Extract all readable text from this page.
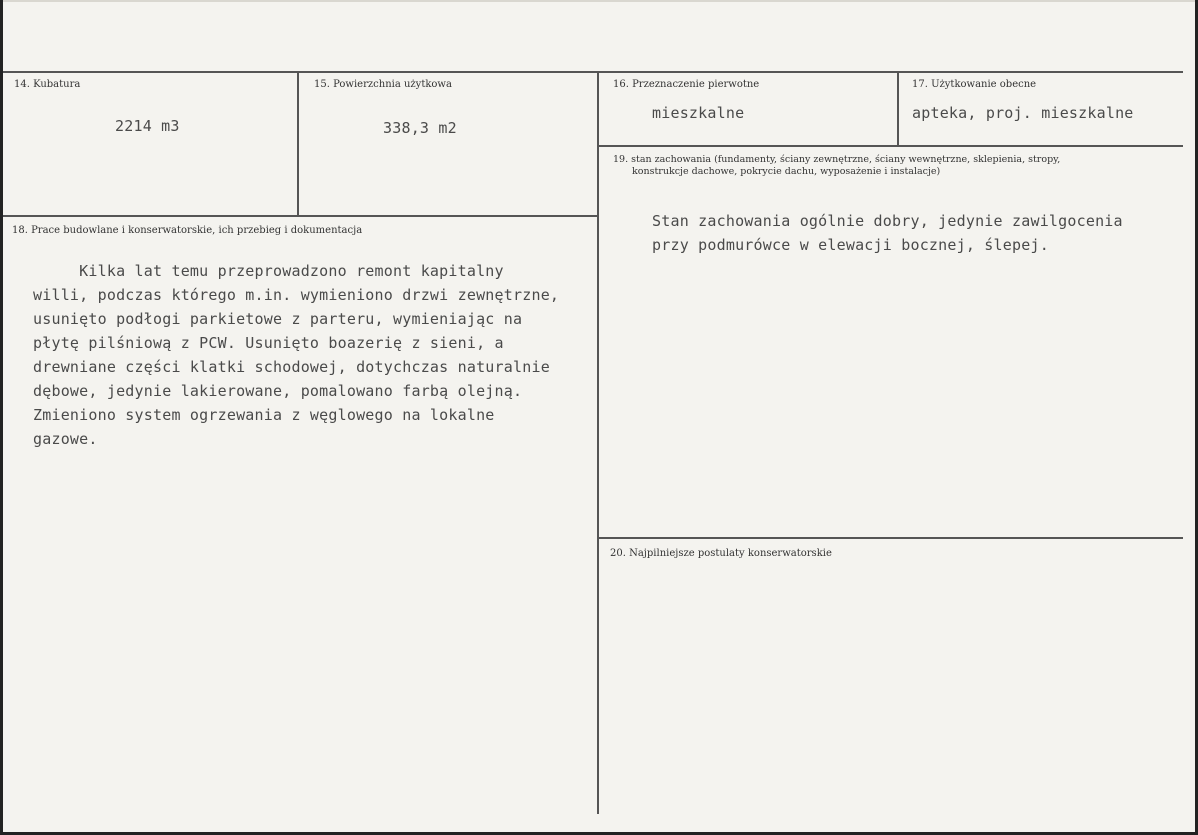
14. Kubatura
2214 m3
15. Powierzchnia użytkowa
338,3 m2
16. Przeznaczenie pierwotne
mieszkalne
17. Użytkowanie obecne
apteka, proj. mieszkalne
19. stan zachowania (fundamenty, ściany zewnętrzne, ściany wewnętrzne, sklepienia, stropy,
konstrukcje dachowe, pokrycie dachu, wyposażenie i instalacje)
Stan zachowania ogólnie dobry, jedynie zawilgocenia
przy podmurówce w elewacji bocznej, ślepej.
18. Prace budowlane i konserwatorskie, ich przebieg i dokumentacja
Kilka lat temu przeprowadzono remont kapitalny
willi, podczas którego m.in. wymieniono drzwi zewnętrzne,
usunięto podłogi parkietowe z parteru, wymieniając na
płytę pilśniową z PCW. Usunięto boazerię z sieni, a
drewniane części klatki schodowej, dotychczas naturalnie
dębowe, jedynie lakierowane, pomalowano farbą olejną.
Zmieniono system ogrzewania z węglowego na lokalne
gazowe.
20. Najpilniejsze postulaty konserwatorskie
